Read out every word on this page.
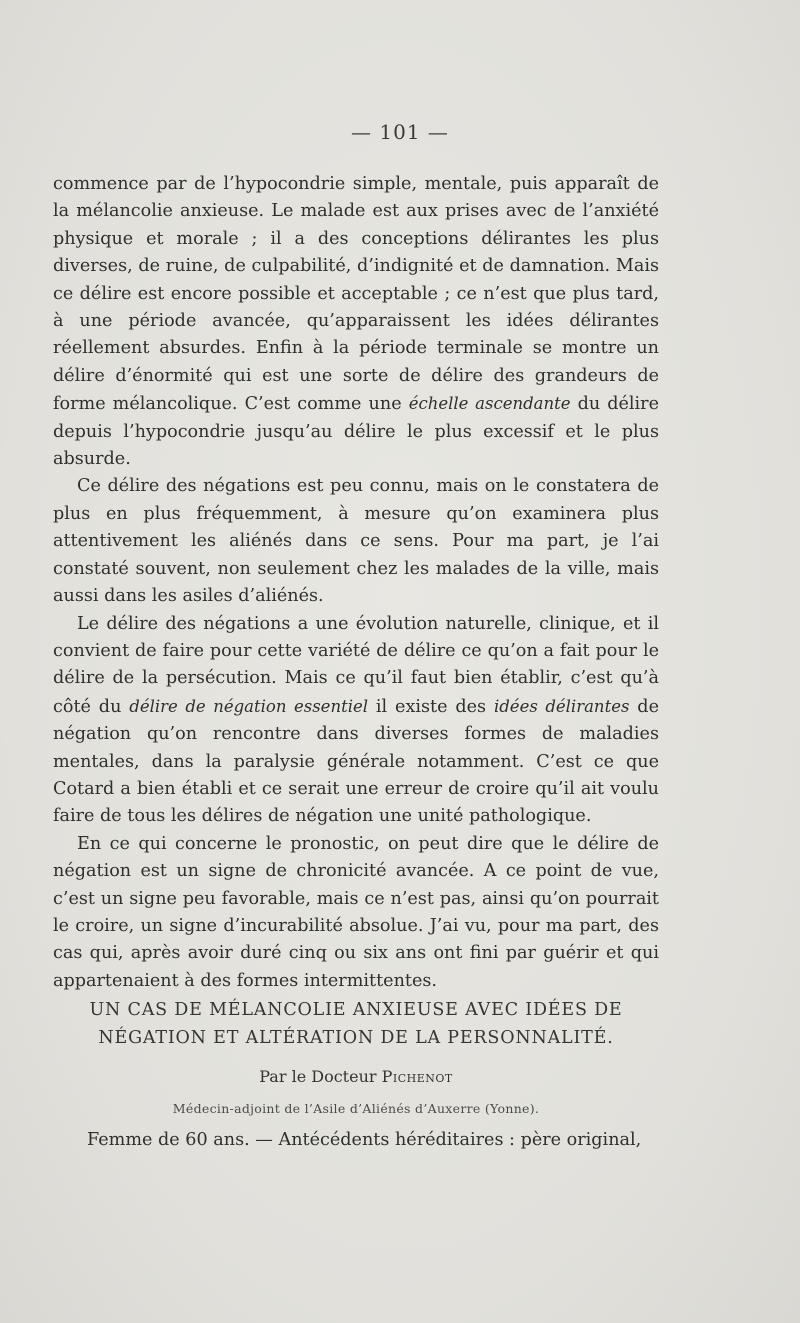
— 101 —

commence par de l’hypocondrie simple, mentale, puis apparaît de la mélancolie anxieuse. Le malade est aux prises avec de l’anxiété physique et morale ; il a des conceptions délirantes les plus diverses, de ruine, de culpabilité, d’indignité et de damnation. Mais ce délire est encore possible et acceptable ; ce n’est que plus tard, à une période avancée, qu’apparaissent les idées délirantes réellement absurdes. Enfin à la période terminale se montre un délire d’énormité qui est une sorte de délire des grandeurs de forme mélancolique. C’est comme une échelle ascendante du délire depuis l’hypocondrie jusqu’au délire le plus excessif et le plus absurde.

Ce délire des négations est peu connu, mais on le constatera de plus en plus fréquemment, à mesure qu’on examinera plus attentivement les aliénés dans ce sens. Pour ma part, je l’ai constaté souvent, non seulement chez les malades de la ville, mais aussi dans les asiles d’aliénés.

Le délire des négations a une évolution naturelle, clinique, et il convient de faire pour cette variété de délire ce qu’on a fait pour le délire de la persécution. Mais ce qu’il faut bien établir, c’est qu’à côté du délire de négation essentiel il existe des idées délirantes de négation qu’on rencontre dans diverses formes de maladies mentales, dans la paralysie générale notamment. C’est ce que Cotard a bien établi et ce serait une erreur de croire qu’il ait voulu faire de tous les délires de négation une unité pathologique.

En ce qui concerne le pronostic, on peut dire que le délire de négation est un signe de chronicité avancée. A ce point de vue, c’est un signe peu favorable, mais ce n’est pas, ainsi qu’on pourrait le croire, un signe d’incurabilité absolue. J’ai vu, pour ma part, des cas qui, après avoir duré cinq ou six ans ont fini par guérir et qui appartenaient à des formes intermittentes.

UN CAS DE MÉLANCOLIE ANXIEUSE AVEC IDÉES DE
NÉGATION ET ALTÉRATION DE LA PERSONNALITÉ.
Par le Docteur Pichenot
Médecin-adjoint de l’Asile d’Aliénés d’Auxerre (Yonne).
Femme de 60 ans. — Antécédents héréditaires : père original,
